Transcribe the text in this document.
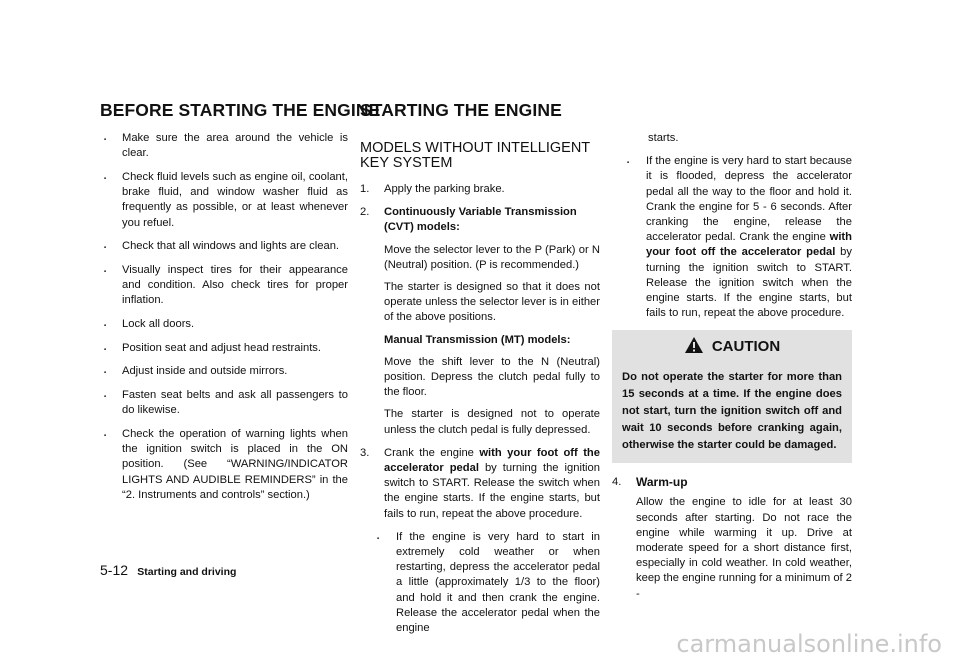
BEFORE STARTING THE ENGINE
STARTING THE ENGINE
. Make sure the area around the vehicle is clear.
. Check fluid levels such as engine oil, coolant, brake fluid, and window washer fluid as frequently as possible, or at least whenever you refuel.
. Check that all windows and lights are clean.
. Visually inspect tires for their appearance and condition. Also check tires for proper inflation.
. Lock all doors.
. Position seat and adjust head restraints.
. Adjust inside and outside mirrors.
. Fasten seat belts and ask all passengers to do likewise.
. Check the operation of warning lights when the ignition switch is placed in the ON position. (See “WARNING/INDICATOR LIGHTS AND AUDIBLE REMINDERS” in the “2. Instruments and controls” section.)
MODELS WITHOUT INTELLIGENT KEY SYSTEM
1. Apply the parking brake.
2. Continuously Variable Transmission (CVT) models:

Move the selector lever to the P (Park) or N (Neutral) position. (P is recommended.)

The starter is designed so that it does not operate unless the selector lever is in either of the above positions.

Manual Transmission (MT) models:

Move the shift lever to the N (Neutral) position. Depress the clutch pedal fully to the floor.

The starter is designed not to operate unless the clutch pedal is fully depressed.

3. Crank the engine with your foot off the accelerator pedal by turning the ignition switch to START. Release the switch when the engine starts. If the engine starts, but fails to run, repeat the above procedure.

. If the engine is very hard to start in extremely cold weather or when restarting, depress the accelerator pedal a little (approximately 1/3 to the floor) and hold it and then crank the engine. Release the accelerator pedal when the engine
starts.
. If the engine is very hard to start because it is flooded, depress the accelerator pedal all the way to the floor and hold it. Crank the engine for 5 - 6 seconds. After cranking the engine, release the accelerator pedal. Crank the engine with your foot off the accelerator pedal by turning the ignition switch to START. Release the ignition switch when the engine starts. If the engine starts, but fails to run, repeat the above procedure.
CAUTION
Do not operate the starter for more than 15 seconds at a time. If the engine does not start, turn the ignition switch off and wait 10 seconds before cranking again, otherwise the starter could be damaged.
4. Warm-up

Allow the engine to idle for at least 30 seconds after starting. Do not race the engine while warming it up. Drive at moderate speed for a short distance first, especially in cold weather. In cold weather, keep the engine running for a minimum of 2 -

5-12 Starting and driving
carmanualsonline.info
